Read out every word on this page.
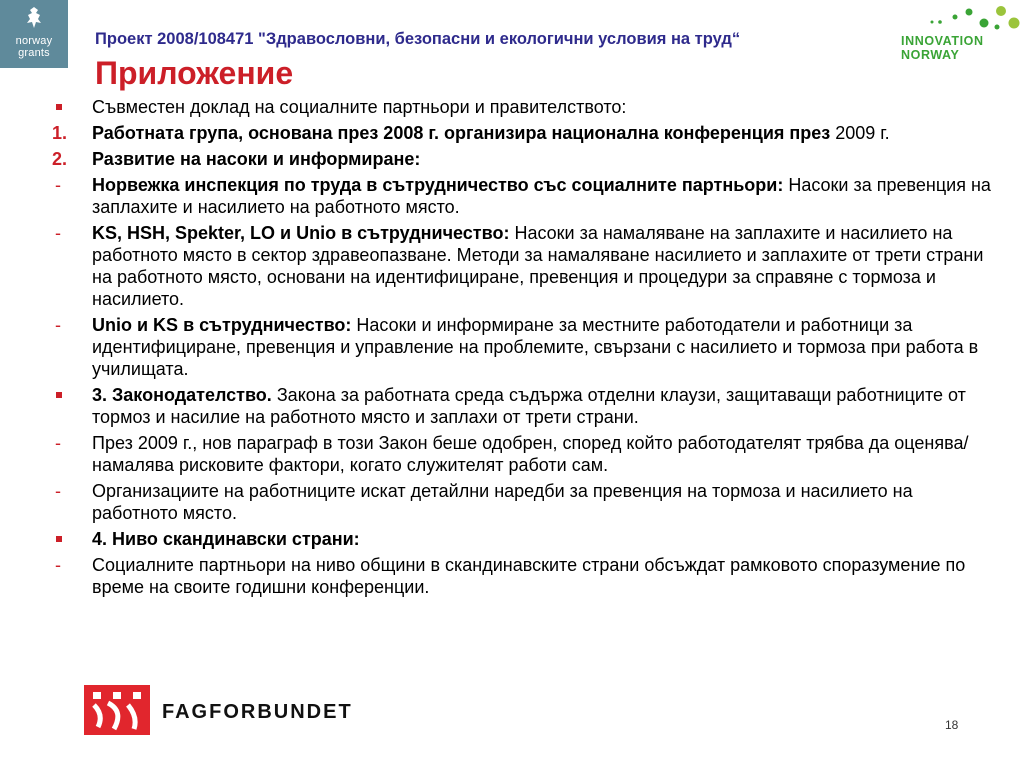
norway
grants
Проект 2008/108471 "Здравословни, безопасни и екологични условия на труд“
Приложение
INNOVATION
NORWAY
Съвместен доклад на социалните партньори и правителството:
1.	Работната група, основана през 2008 г. организира национална конференция през 2009 г.
2.	Развитие на насоки и информиране:
-	Норвежка инспекция по труда в сътрудничество със социалните партньори: Насоки за превенция на заплахите и насилието на работното място.
-	KS, HSH, Spekter, LO и Unio в сътрудничество: Насоки за намаляване на заплахите и насилието на работното място в сектор здравеопазване. Методи за намаляване насилието и заплахите от трети страни на работното място, основани на идентифициране, превенция и процедури за справяне с тормоза и насилието.
-	Unio и KS в сътрудничество: Насоки и информиране за местните работодатели и работници за идентифициране, превенция и управление на проблемите, свързани с насилието и тормоза при работа в училищата.
3. Законодателство. Закона за работната среда съдържа отделни клаузи, защитаващи работниците от тормоз и насилие на работното място и заплахи от трети страни.
-	През 2009 г., нов параграф в този Закон беше одобрен, според който работодателят трябва да оценява/намалява рисковите фактори, когато служителят работи сам.
-	Организациите на работниците искат детайлни наредби за превенция на тормоза и насилието на работното място.
4. Ниво скандинавски страни:
-	Социалните партньори на ниво общини в скандинавските страни обсъждат рамковото споразумение по време на своите годишни конференции.
FAGFORBUNDET
18
